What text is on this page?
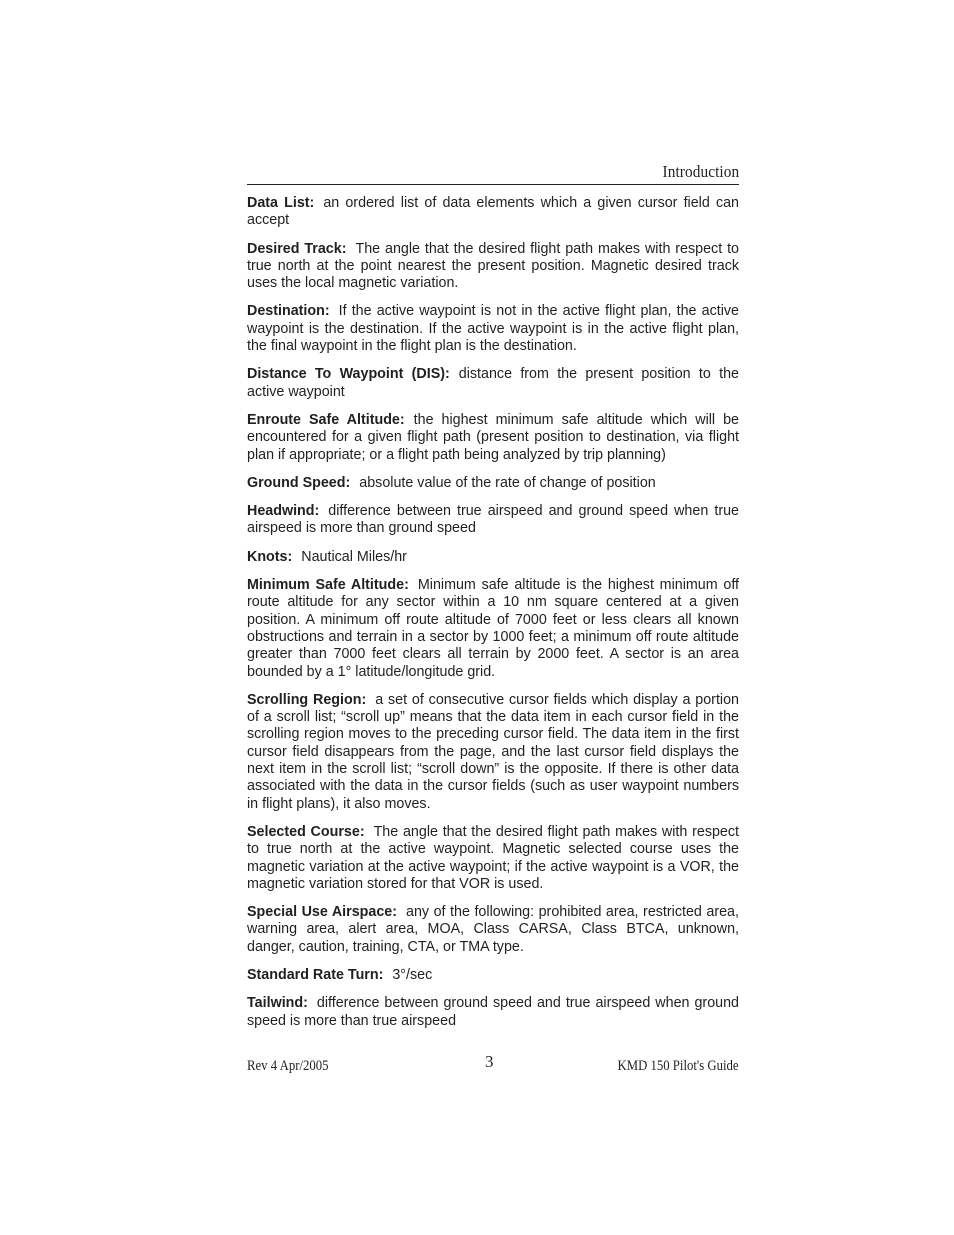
Introduction

Data List: an ordered list of data elements which a given cursor field can accept

Desired Track: The angle that the desired flight path makes with respect to true north at the point nearest the present position. Magnetic desired track uses the local magnetic variation.

Destination: If the active waypoint is not in the active flight plan, the active waypoint is the destination. If the active waypoint is in the active flight plan, the final waypoint in the flight plan is the destination.

Distance To Waypoint (DIS): distance from the present position to the active waypoint

Enroute Safe Altitude: the highest minimum safe altitude which will be encountered for a given flight path (present position to destination, via flight plan if appropriate; or a flight path being analyzed by trip planning)

Ground Speed: absolute value of the rate of change of position

Headwind: difference between true airspeed and ground speed when true airspeed is more than ground speed

Knots: Nautical Miles/hr

Minimum Safe Altitude: Minimum safe altitude is the highest minimum off route altitude for any sector within a 10 nm square centered at a given position. A minimum off route altitude of 7000 feet or less clears all known obstructions and terrain in a sector by 1000 feet; a minimum off route altitude greater than 7000 feet clears all terrain by 2000 feet. A sector is an area bounded by a 1° latitude/longitude grid.

Scrolling Region: a set of consecutive cursor fields which display a portion of a scroll list; “scroll up” means that the data item in each cursor field in the scrolling region moves to the preceding cursor field. The data item in the first cursor field disappears from the page, and the last cursor field displays the next item in the scroll list; “scroll down” is the opposite. If there is other data associated with the data in the cursor fields (such as user waypoint numbers in flight plans), it also moves.

Selected Course: The angle that the desired flight path makes with respect to true north at the active waypoint. Magnetic selected course uses the magnetic variation at the active waypoint; if the active waypoint is a VOR, the magnetic variation stored for that VOR is used.

Special Use Airspace: any of the following: prohibited area, restricted area, warning area, alert area, MOA, Class CARSA, Class BTCA, unknown, danger, caution, training, CTA, or TMA type.

Standard Rate Turn: 3°/sec

Tailwind: difference between ground speed and true airspeed when ground speed is more than true airspeed

Rev 4 Apr/2005	3	KMD 150 Pilot's Guide
